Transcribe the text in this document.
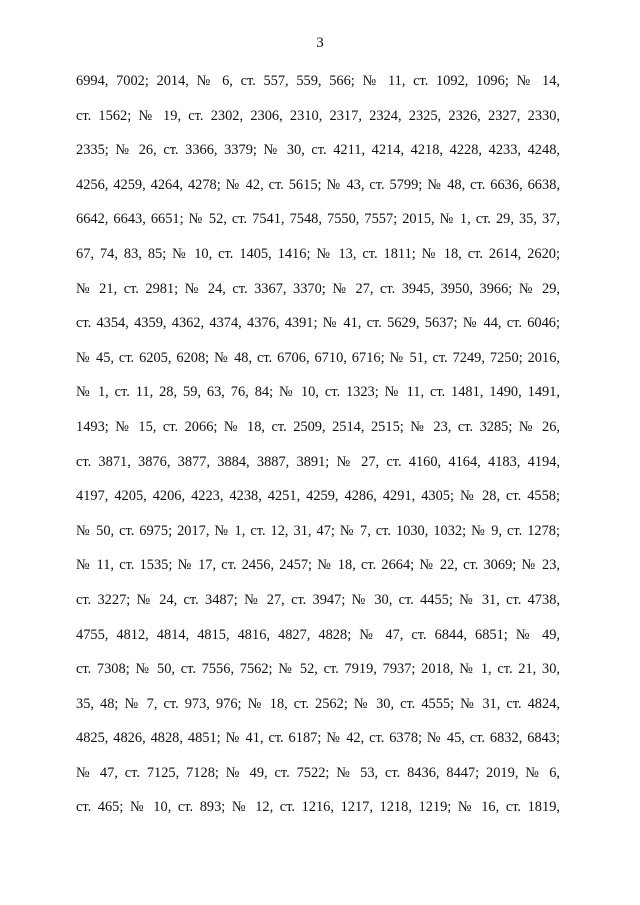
3
6994, 7002; 2014, № 6, ст. 557, 559, 566; № 11, ст. 1092, 1096; № 14,
ст. 1562; № 19, ст. 2302, 2306, 2310, 2317, 2324, 2325, 2326, 2327, 2330,
2335; № 26, ст. 3366, 3379; № 30, ст. 4211, 4214, 4218, 4228, 4233, 4248,
4256, 4259, 4264, 4278; № 42, ст. 5615; № 43, ст. 5799; № 48, ст. 6636, 6638,
6642, 6643, 6651; № 52, ст. 7541, 7548, 7550, 7557; 2015, № 1, ст. 29, 35, 37,
67, 74, 83, 85; № 10, ст. 1405, 1416; № 13, ст. 1811; № 18, ст. 2614, 2620;
№ 21, ст. 2981; № 24, ст. 3367, 3370; № 27, ст. 3945, 3950, 3966; № 29,
ст. 4354, 4359, 4362, 4374, 4376, 4391; № 41, ст. 5629, 5637; № 44, ст. 6046;
№ 45, ст. 6205, 6208; № 48, ст. 6706, 6710, 6716; № 51, ст. 7249, 7250; 2016,
№ 1, ст. 11, 28, 59, 63, 76, 84; № 10, ст. 1323; № 11, ст. 1481, 1490, 1491,
1493; № 15, ст. 2066; № 18, ст. 2509, 2514, 2515; № 23, ст. 3285; № 26,
ст. 3871, 3876, 3877, 3884, 3887, 3891; № 27, ст. 4160, 4164, 4183, 4194,
4197, 4205, 4206, 4223, 4238, 4251, 4259, 4286, 4291, 4305; № 28, ст. 4558;
№ 50, ст. 6975; 2017, № 1, ст. 12, 31, 47; № 7, ст. 1030, 1032; № 9, ст. 1278;
№ 11, ст. 1535; № 17, ст. 2456, 2457; № 18, ст. 2664; № 22, ст. 3069; № 23,
ст. 3227; № 24, ст. 3487; № 27, ст. 3947; № 30, ст. 4455; № 31, ст. 4738,
4755, 4812, 4814, 4815, 4816, 4827, 4828; № 47, ст. 6844, 6851; № 49,
ст. 7308; № 50, ст. 7556, 7562; № 52, ст. 7919, 7937; 2018, № 1, ст. 21, 30,
35, 48; № 7, ст. 973, 976; № 18, ст. 2562; № 30, ст. 4555; № 31, ст. 4824,
4825, 4826, 4828, 4851; № 41, ст. 6187; № 42, ст. 6378; № 45, ст. 6832, 6843;
№ 47, ст. 7125, 7128; № 49, ст. 7522; № 53, ст. 8436, 8447; 2019, № 6,
ст. 465; № 10, ст. 893; № 12, ст. 1216, 1217, 1218, 1219; № 16, ст. 1819,
